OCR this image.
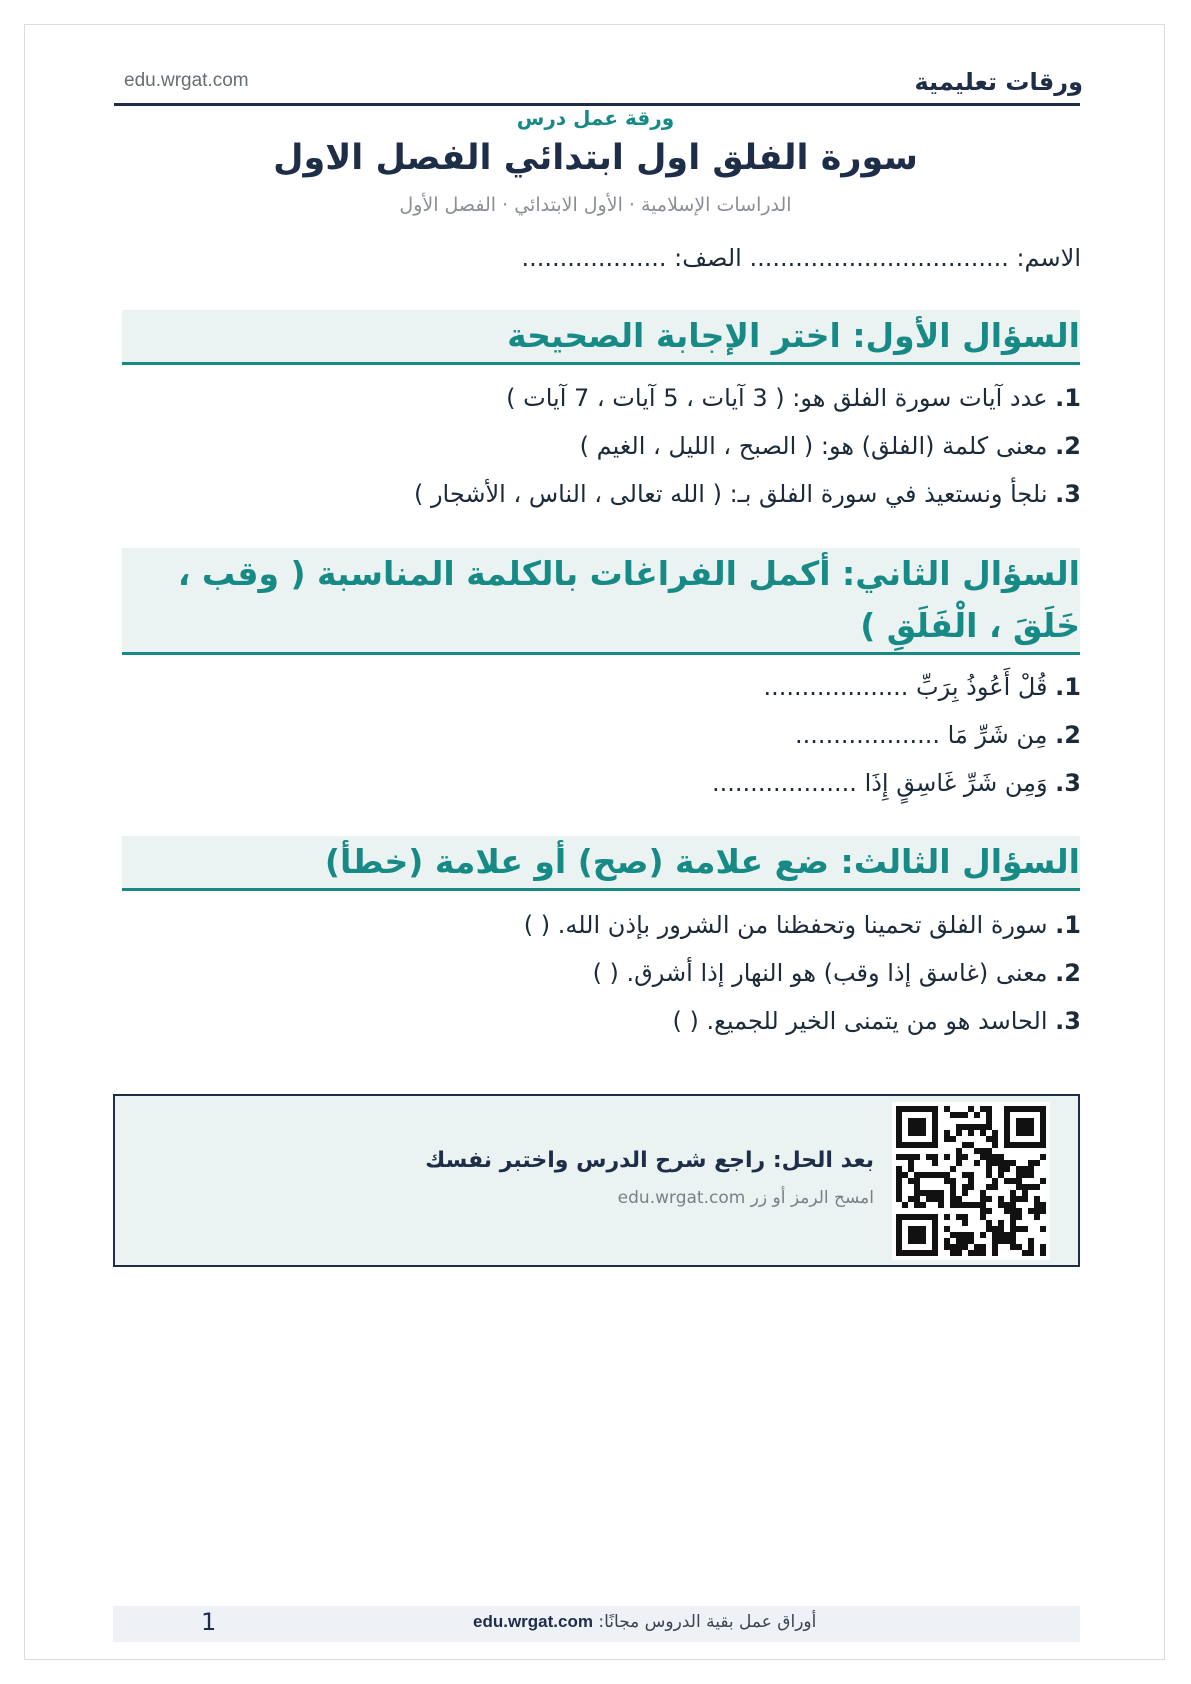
ورقات تعليمية
edu.wrgat.com
ورقة عمل درس
سورة الفلق اول ابتدائي الفصل الاول
الدراسات الإسلامية · الأول الابتدائي · الفصل الأول
الاسم: .................................. الصف: ...................
السؤال الأول: اختر الإجابة الصحيحة
1. عدد آيات سورة الفلق هو: ( 3 آيات ، 5 آيات ، 7 آيات )
2. معنى كلمة (الفلق) هو: ( الصبح ، الليل ، الغيم )
3. نلجأ ونستعيذ في سورة الفلق بـ: ( الله تعالى ، الناس ، الأشجار )
السؤال الثاني: أكمل الفراغات بالكلمة المناسبة ( وقب ، خَلَقَ ، الْفَلَقِ )
1. قُلْ أَعُوذُ بِرَبِّ ...................
2. مِن شَرِّ مَا ...................
3. وَمِن شَرِّ غَاسِقٍ إِذَا ...................
السؤال الثالث: ضع علامة (صح) أو علامة (خطأ)
1. سورة الفلق تحمينا وتحفظنا من الشرور بإذن الله. ( )
2. معنى (غاسق إذا وقب) هو النهار إذا أشرق. ( )
3. الحاسد هو من يتمنى الخير للجميع. ( )
بعد الحل: راجع شرح الدرس واختبر نفسك
امسح الرمز أو زر edu.wrgat.com
1	أوراق عمل بقية الدروس مجانًا: edu.wrgat.com
